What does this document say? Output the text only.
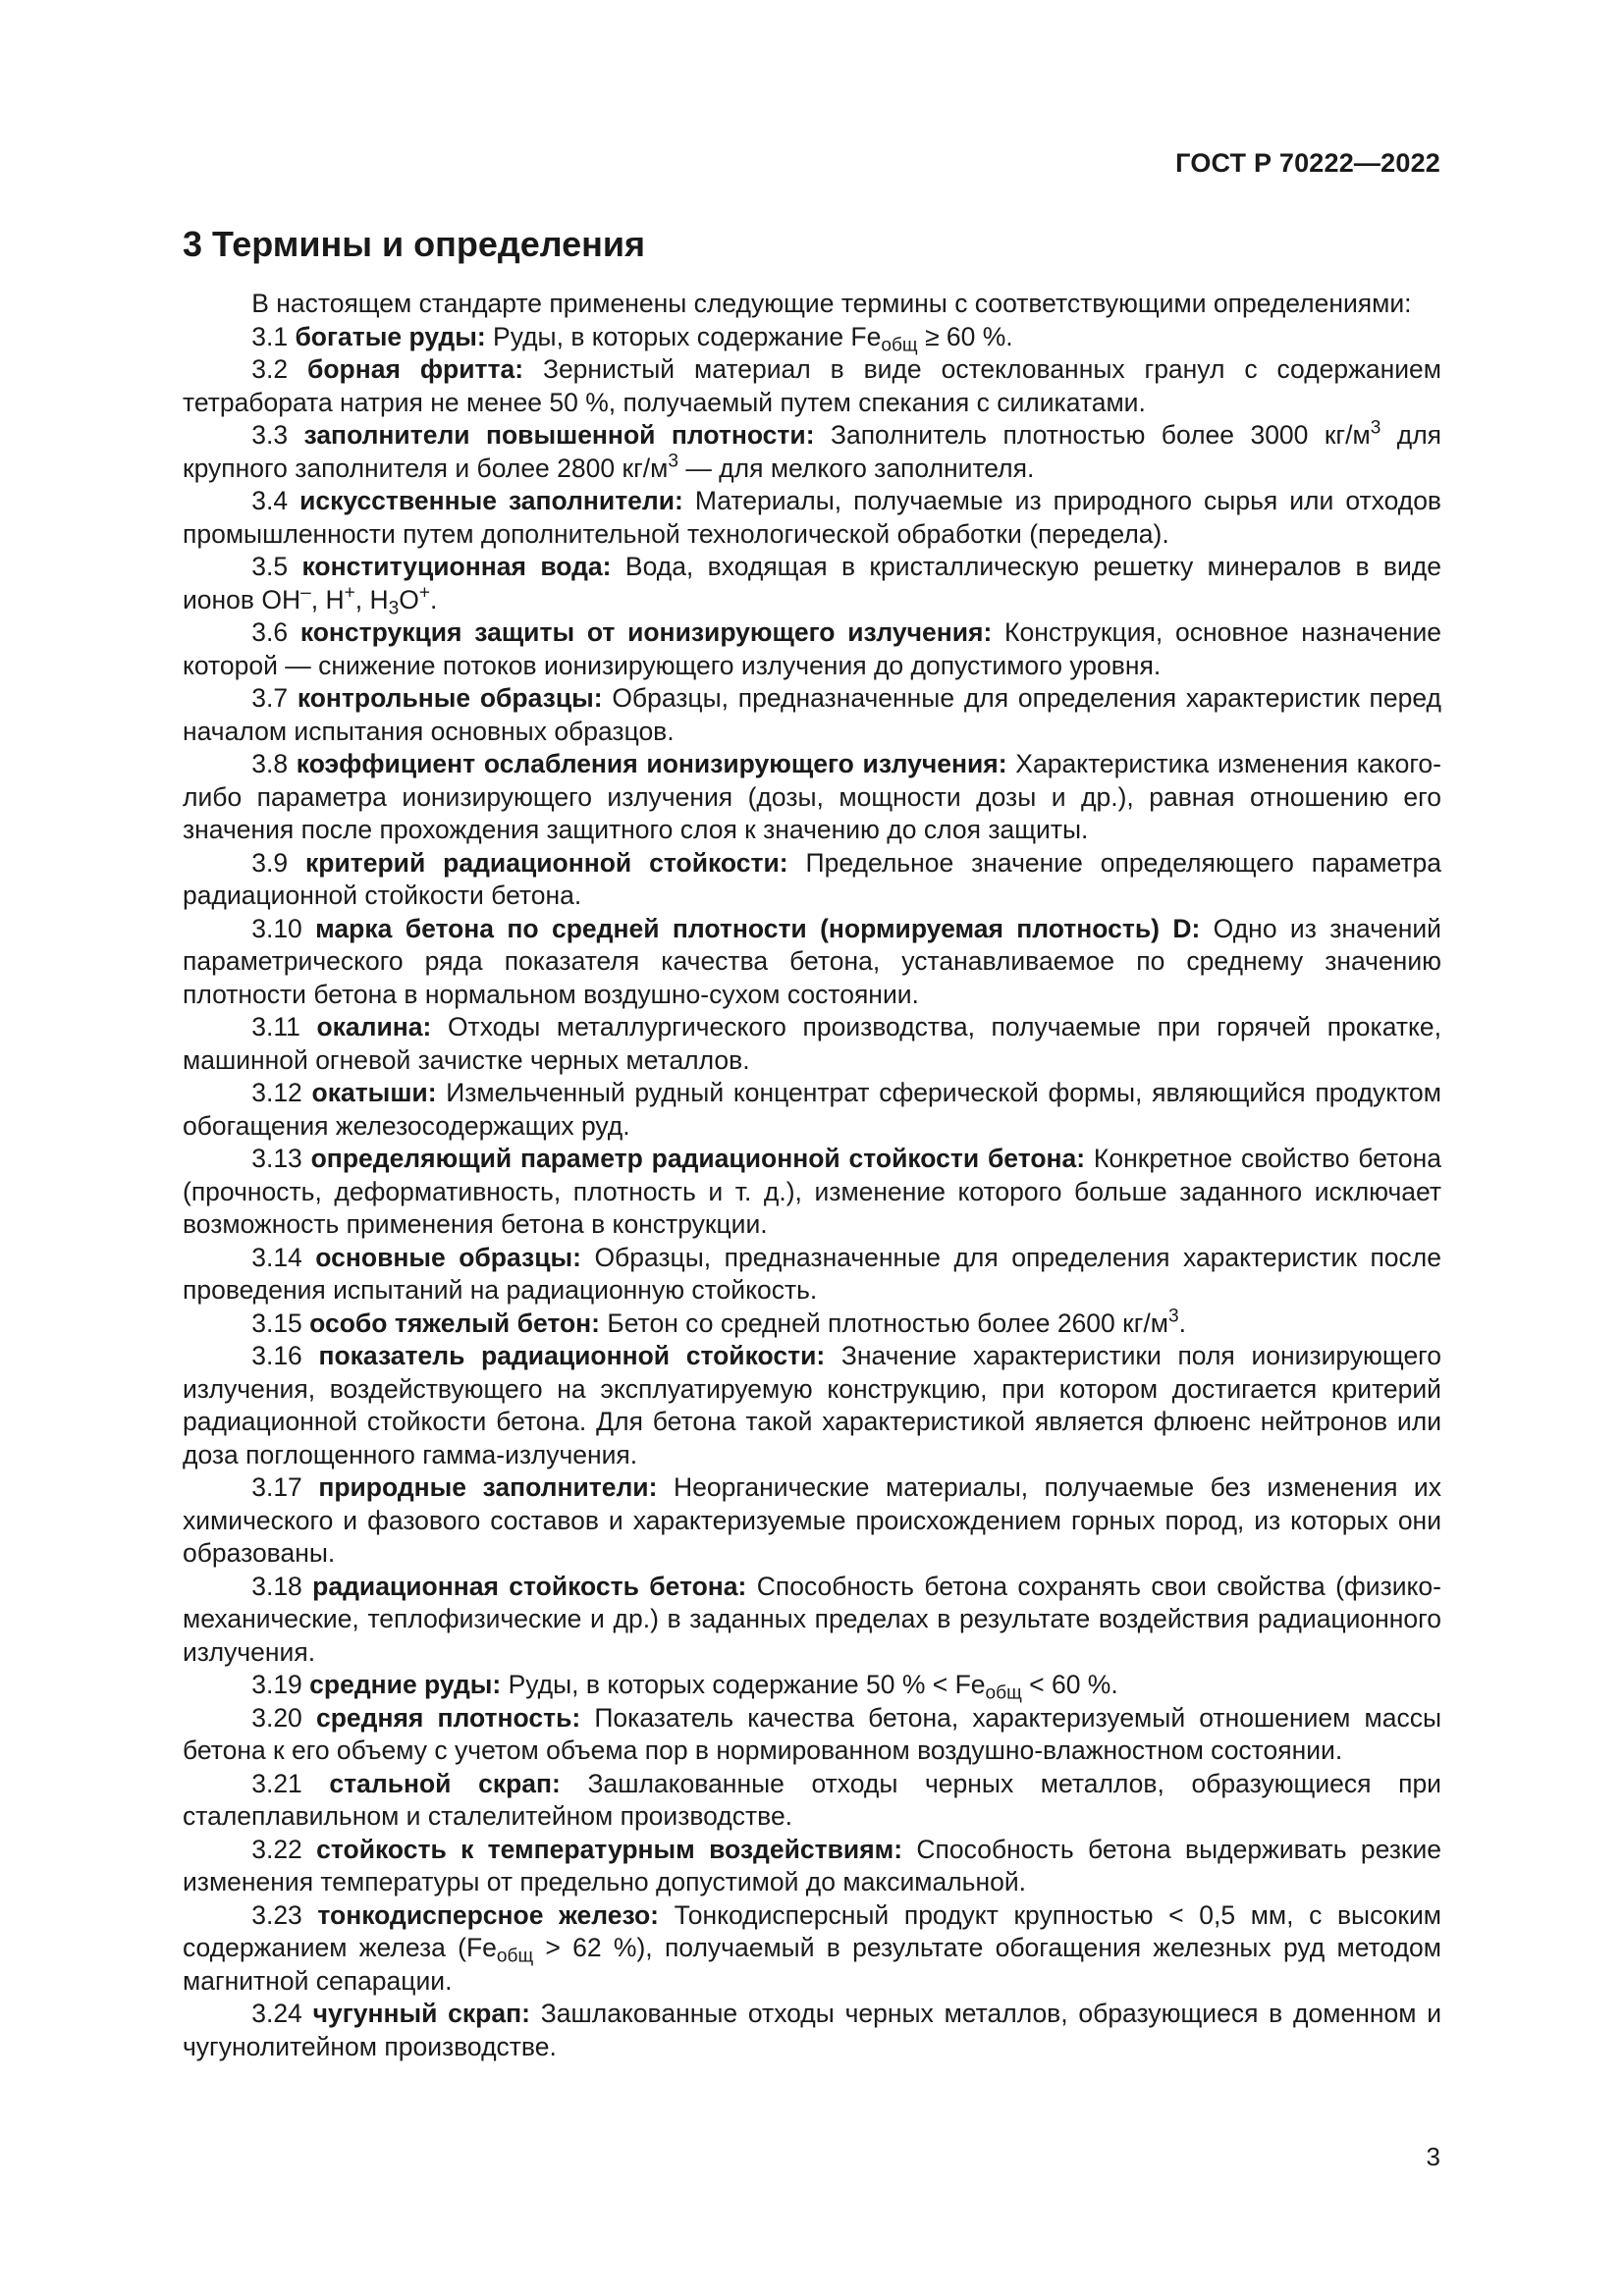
ГОСТ Р 70222—2022
3 Термины и определения

В настоящем стандарте применены следующие термины с соответствующими определениями:

3.1 богатые руды: Руды, в которых содержание $Fe_{общ} \ge 60$ %.

3.2 борная фритта: Зернистый материал в виде остеклованных гранул с содержанием тетрабората натрия не менее 50 %, получаемый путем спекания с силикатами.

3.3 заполнители повышенной плотности: Заполнитель плотностью более 3000 $кг/м^3$ для крупного заполнителя и более 2800 $кг/м^3$ — для мелкого заполнителя.

3.4 искусственные заполнители: Материалы, получаемые из природного сырья или отходов промышленности путем дополнительной технологической обработки (передела).

3.5 конституционная вода: Вода, входящая в кристаллическую решетку минералов в виде ионов ОН–, Н+, $Н_3О^+$.

3.6 конструкция защиты от ионизирующего излучения: Конструкция, основное назначение которой — снижение потоков ионизирующего излучения до допустимого уровня.

3.7 контрольные образцы: Образцы, предназначенные для определения характеристик перед началом испытания основных образцов.

3.8 коэффициент ослабления ионизирующего излучения: Характеристика изменения какого-либо параметра ионизирующего излучения (дозы, мощности дозы и др.), равная отношению его значения после прохождения защитного слоя к значению до слоя защиты.

3.9 критерий радиационной стойкости: Предельное значение определяющего параметра радиационной стойкости бетона.

3.10 марка бетона по средней плотности (нормируемая плотность) D: Одно из значений параметрического ряда показателя качества бетона, устанавливаемое по среднему значению плотности бетона в нормальном воздушно-сухом состоянии.

3.11 окалина: Отходы металлургического производства, получаемые при горячей прокатке, машинной огневой зачистке черных металлов.

3.12 окатыши: Измельченный рудный концентрат сферической формы, являющийся продуктом обогащения железосодержащих руд.

3.13 определяющий параметр радиационной стойкости бетона: Конкретное свойство бетона (прочность, деформативность, плотность и т. д.), изменение которого больше заданного исключает возможность применения бетона в конструкции.

3.14 основные образцы: Образцы, предназначенные для определения характеристик после проведения испытаний на радиационную стойкость.

3.15 особо тяжелый бетон: Бетон со средней плотностью более 2600 $кг/м^3$.

3.16 показатель радиационной стойкости: Значение характеристики поля ионизирующего излучения, воздействующего на эксплуатируемую конструкцию, при котором достигается критерий радиационной стойкости бетона. Для бетона такой характеристикой является флюенс нейтронов или доза поглощенного гамма-излучения.

3.17 природные заполнители: Неорганические материалы, получаемые без изменения их химического и фазового составов и характеризуемые происхождением горных пород, из которых они образованы.

3.18 радиационная стойкость бетона: Способность бетона сохранять свои свойства (физико-механические, теплофизические и др.) в заданных пределах в результате воздействия радиационного излучения.

3.19 средние руды: Руды, в которых содержание 50 % < $Fe_{общ} < 60$ %.

3.20 средняя плотность: Показатель качества бетона, характеризуемый отношением массы бетона к его объему с учетом объема пор в нормированном воздушно-влажностном состоянии.

3.21 стальной скрап: Зашлакованные отходы черных металлов, образующиеся при сталеплавильном и сталелитейном производстве.

3.22 стойкость к температурным воздействиям: Способность бетона выдерживать резкие изменения температуры от предельно допустимой до максимальной.

3.23 тонкодисперсное железо: Тонкодисперсный продукт крупностью < 0,5 мм, с высоким содержанием железа ($Fe_{общ} > 62$ %), получаемый в результате обогащения железных руд методом магнитной сепарации.

3.24 чугунный скрап: Зашлакованные отходы черных металлов, образующиеся в доменном и чугунолитейном производстве.

3
